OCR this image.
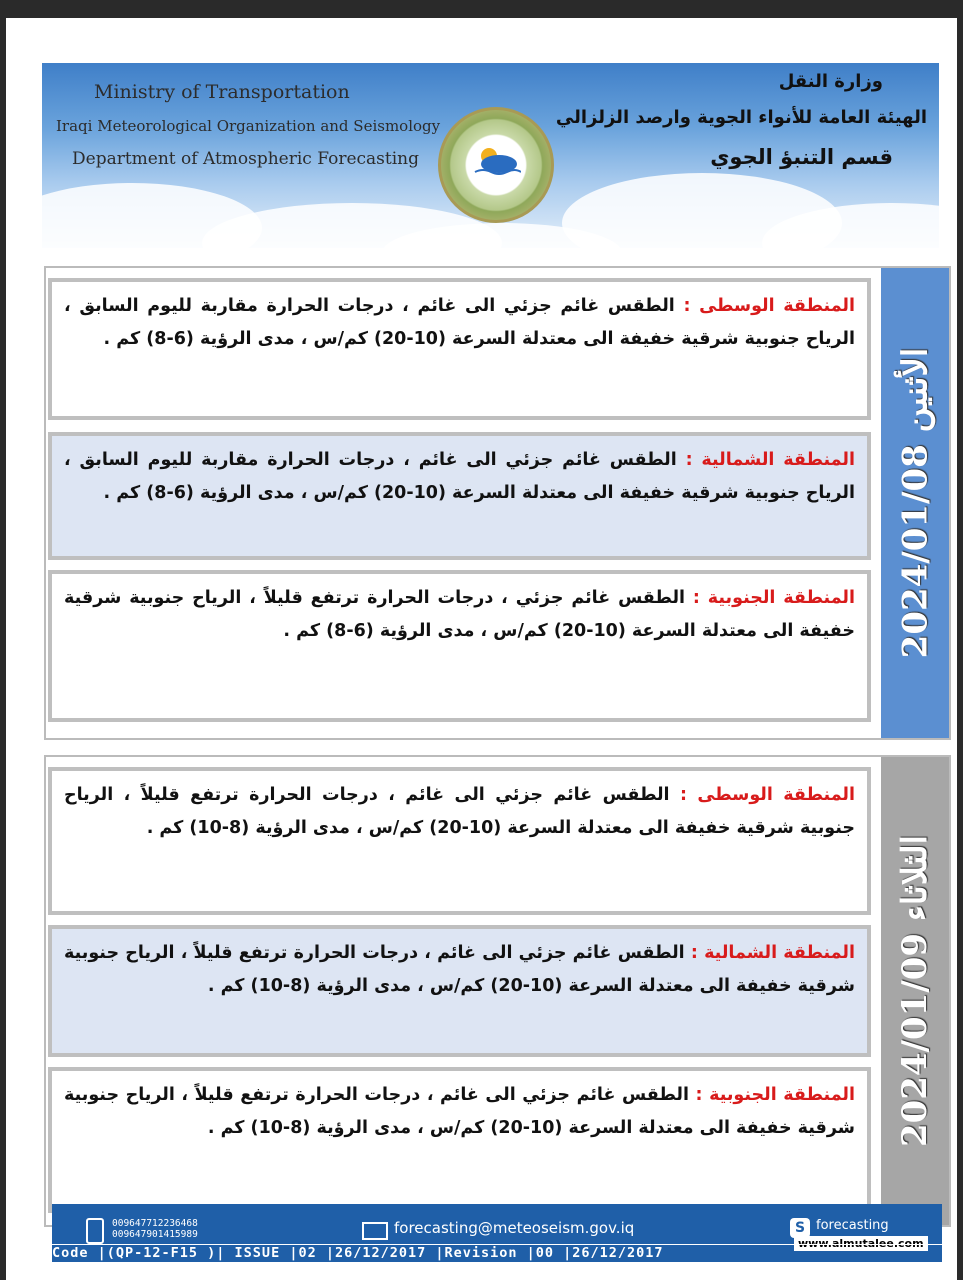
Ministry of Transportation
Iraqi Meteorological Organization and Seismology
Department of Atmospheric Forecasting
وزارة النقل
الهيئة العامة للأنواء الجوية وارصد الزلزالي
قسم التنبؤ الجوي
الأثنين 2024/01/08
المنطقة الوسطى : الطقس غائم جزئي الى غائم ، درجات الحرارة مقاربة لليوم السابق ، الرياح جنوبية شرقية خفيفة الى معتدلة السرعة (10-20) كم/س ، مدى الرؤية (6-8) كم .
المنطقة الشمالية : الطقس غائم جزئي الى غائم ، درجات الحرارة مقاربة لليوم السابق ، الرياح جنوبية شرقية خفيفة الى معتدلة السرعة (10-20) كم/س ، مدى الرؤية (6-8) كم .
المنطقة الجنوبية : الطقس غائم جزئي ، درجات الحرارة ترتفع قليلاً ، الرياح جنوبية شرقية خفيفة الى معتدلة السرعة (10-20) كم/س ، مدى الرؤية (6-8) كم .
الثلاثاء 2024/01/09
المنطقة الوسطى : الطقس غائم جزئي الى غائم ، درجات الحرارة ترتفع قليلاً ، الرياح جنوبية شرقية خفيفة الى معتدلة السرعة (10-20) كم/س ، مدى الرؤية (8-10) كم .
المنطقة الشمالية : الطقس غائم جزئي الى غائم ، درجات الحرارة ترتفع قليلاً ، الرياح جنوبية شرقية خفيفة الى معتدلة السرعة (10-20) كم/س ، مدى الرؤية (8-10) كم .
المنطقة الجنوبية : الطقس غائم جزئي الى غائم ، درجات الحرارة ترتفع قليلاً ، الرياح جنوبية شرقية خفيفة الى معتدلة السرعة (10-20) كم/س ، مدى الرؤية (8-10) كم .
009647712236468
009647901415989	forecasting@meteoseism.gov.iq	S forecasting
www.almutalee.com
Code |(QP-12-F15 )| ISSUE |02 |26/12/2017 |Revision |00 |26/12/2017
